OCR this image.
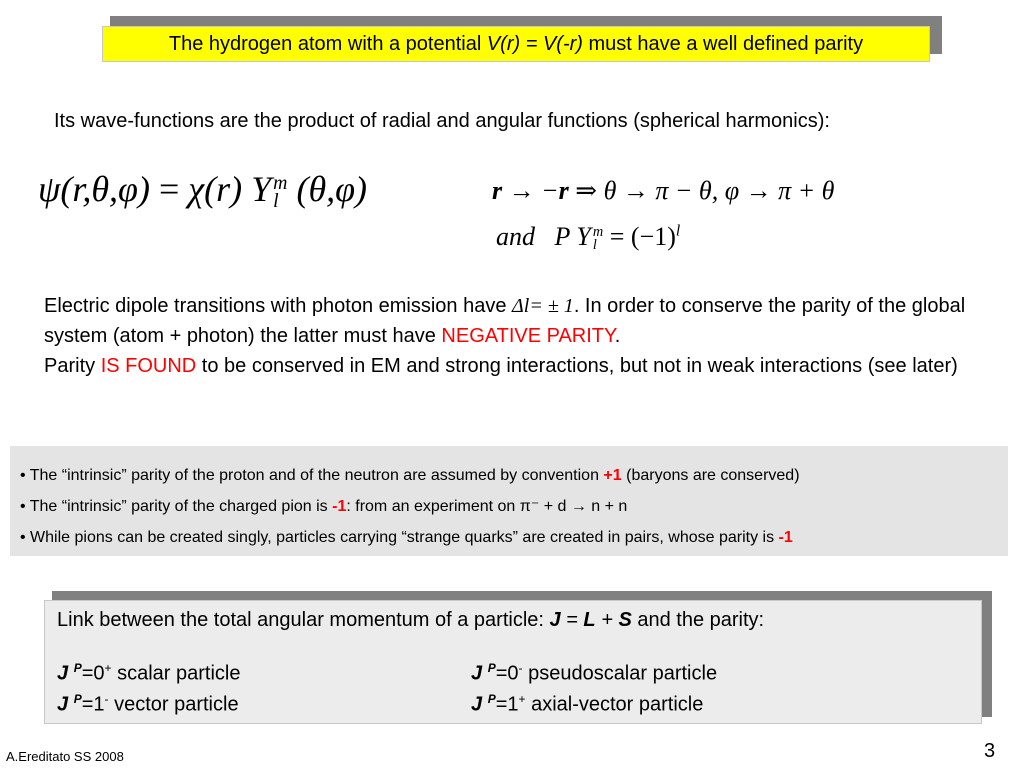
The hydrogen atom with a potential V(r) = V(-r) must have a well defined parity
Its wave-functions are the product of radial and angular functions (spherical harmonics):
ψ(r,θ,φ) = χ(r) Y m
l (θ,φ)	r → −r ⇒ θ → π − θ, φ → π + θ
and P Y m
$l = (-1)^l$
Electric dipole transitions with photon emission have Δl= ± 1. In order to conserve the parity of the global system (atom + photon) the latter must have NEGATIVE PARITY.
Parity IS FOUND to be conserved in EM and strong interactions, but not in weak interactions (see later)
• The “intrinsic” parity of the proton and of the neutron are assumed by convention +1 (baryons are conserved)
• The “intrinsic” parity of the charged pion is -1: from an experiment on π⁻ + d → n + n
• While pions can be created singly, particles carrying “strange quarks” are created in pairs, whose parity is -1
Link between the total angular momentum of a particle: J = L + S and the parity:
J $^P$=0+ scalar particle	J $^P$=0- pseudoscalar particle
J $^P$=1- vector particle	J $^P$=1+ axial-vector particle
A.Ereditato SS 2008	3
